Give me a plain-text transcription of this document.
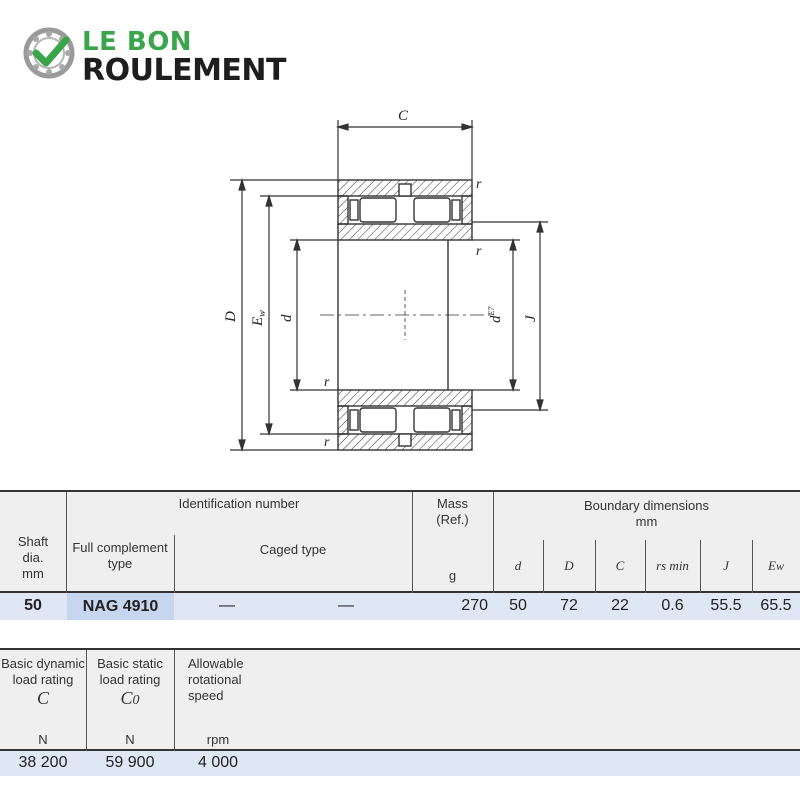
LE BON
ROULEMENT
C
D $E_w$
d	$d^{E7}$
J
r
r
r
r
Shaft
dia.
mm
Identification number
Full complement
type
Caged type
Mass
(Ref.)
g
Boundary dimensions
mm
d	D	C	rs min	J	Ew
50	NAG 4910	—	—	270	50	72	22	0.6	55.5	65.5
Basic dynamic
load rating
C
N
Basic static
load rating
C0
N
Allowable
rotational
speed
rpm
38 200	59 900	4 000
